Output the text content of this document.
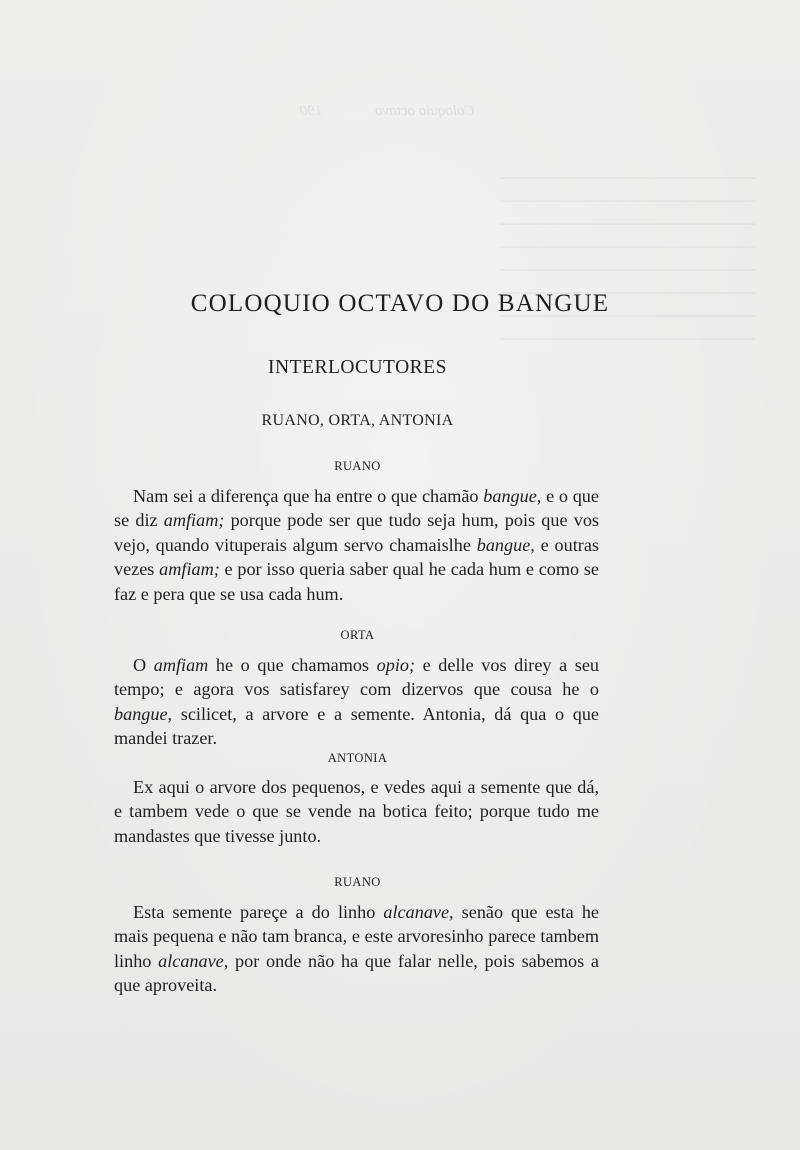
Coloquio octavo              190
———————————————
———————————————
———————————————
———————————————
———————————————
———————————————
———————————————
———————————————
COLOQUIO OCTAVO DO BANGUE
INTERLOCUTORES
RUANO, ORTA, ANTONIA
RUANO

Nam sei a diferença que ha entre o que chamão bangue, e o que se diz amfiam; porque pode ser que tudo seja hum, pois que vos vejo, quando vituperais algum servo chamaislhe bangue, e outras vezes amfiam; e por isso queria saber qual he cada hum e como se faz e pera que se usa cada hum.

ORTA

O amfiam he o que chamamos opio; e delle vos direy a seu tempo; e agora vos satisfarey com dizervos que cousa he o bangue, scilicet, a arvore e a semente. Antonia, dá qua o que mandei trazer.

ANTONIA

Ex aqui o arvore dos pequenos, e vedes aqui a semente que dá, e tambem vede o que se vende na botica feito; porque tudo me mandastes que tivesse junto.

RUANO

Esta semente pareçe a do linho alcanave, senão que esta he mais pequena e não tam branca, e este arvoresinho parece tambem linho alcanave, por onde não ha que falar nelle, pois sabemos a que aproveita.
